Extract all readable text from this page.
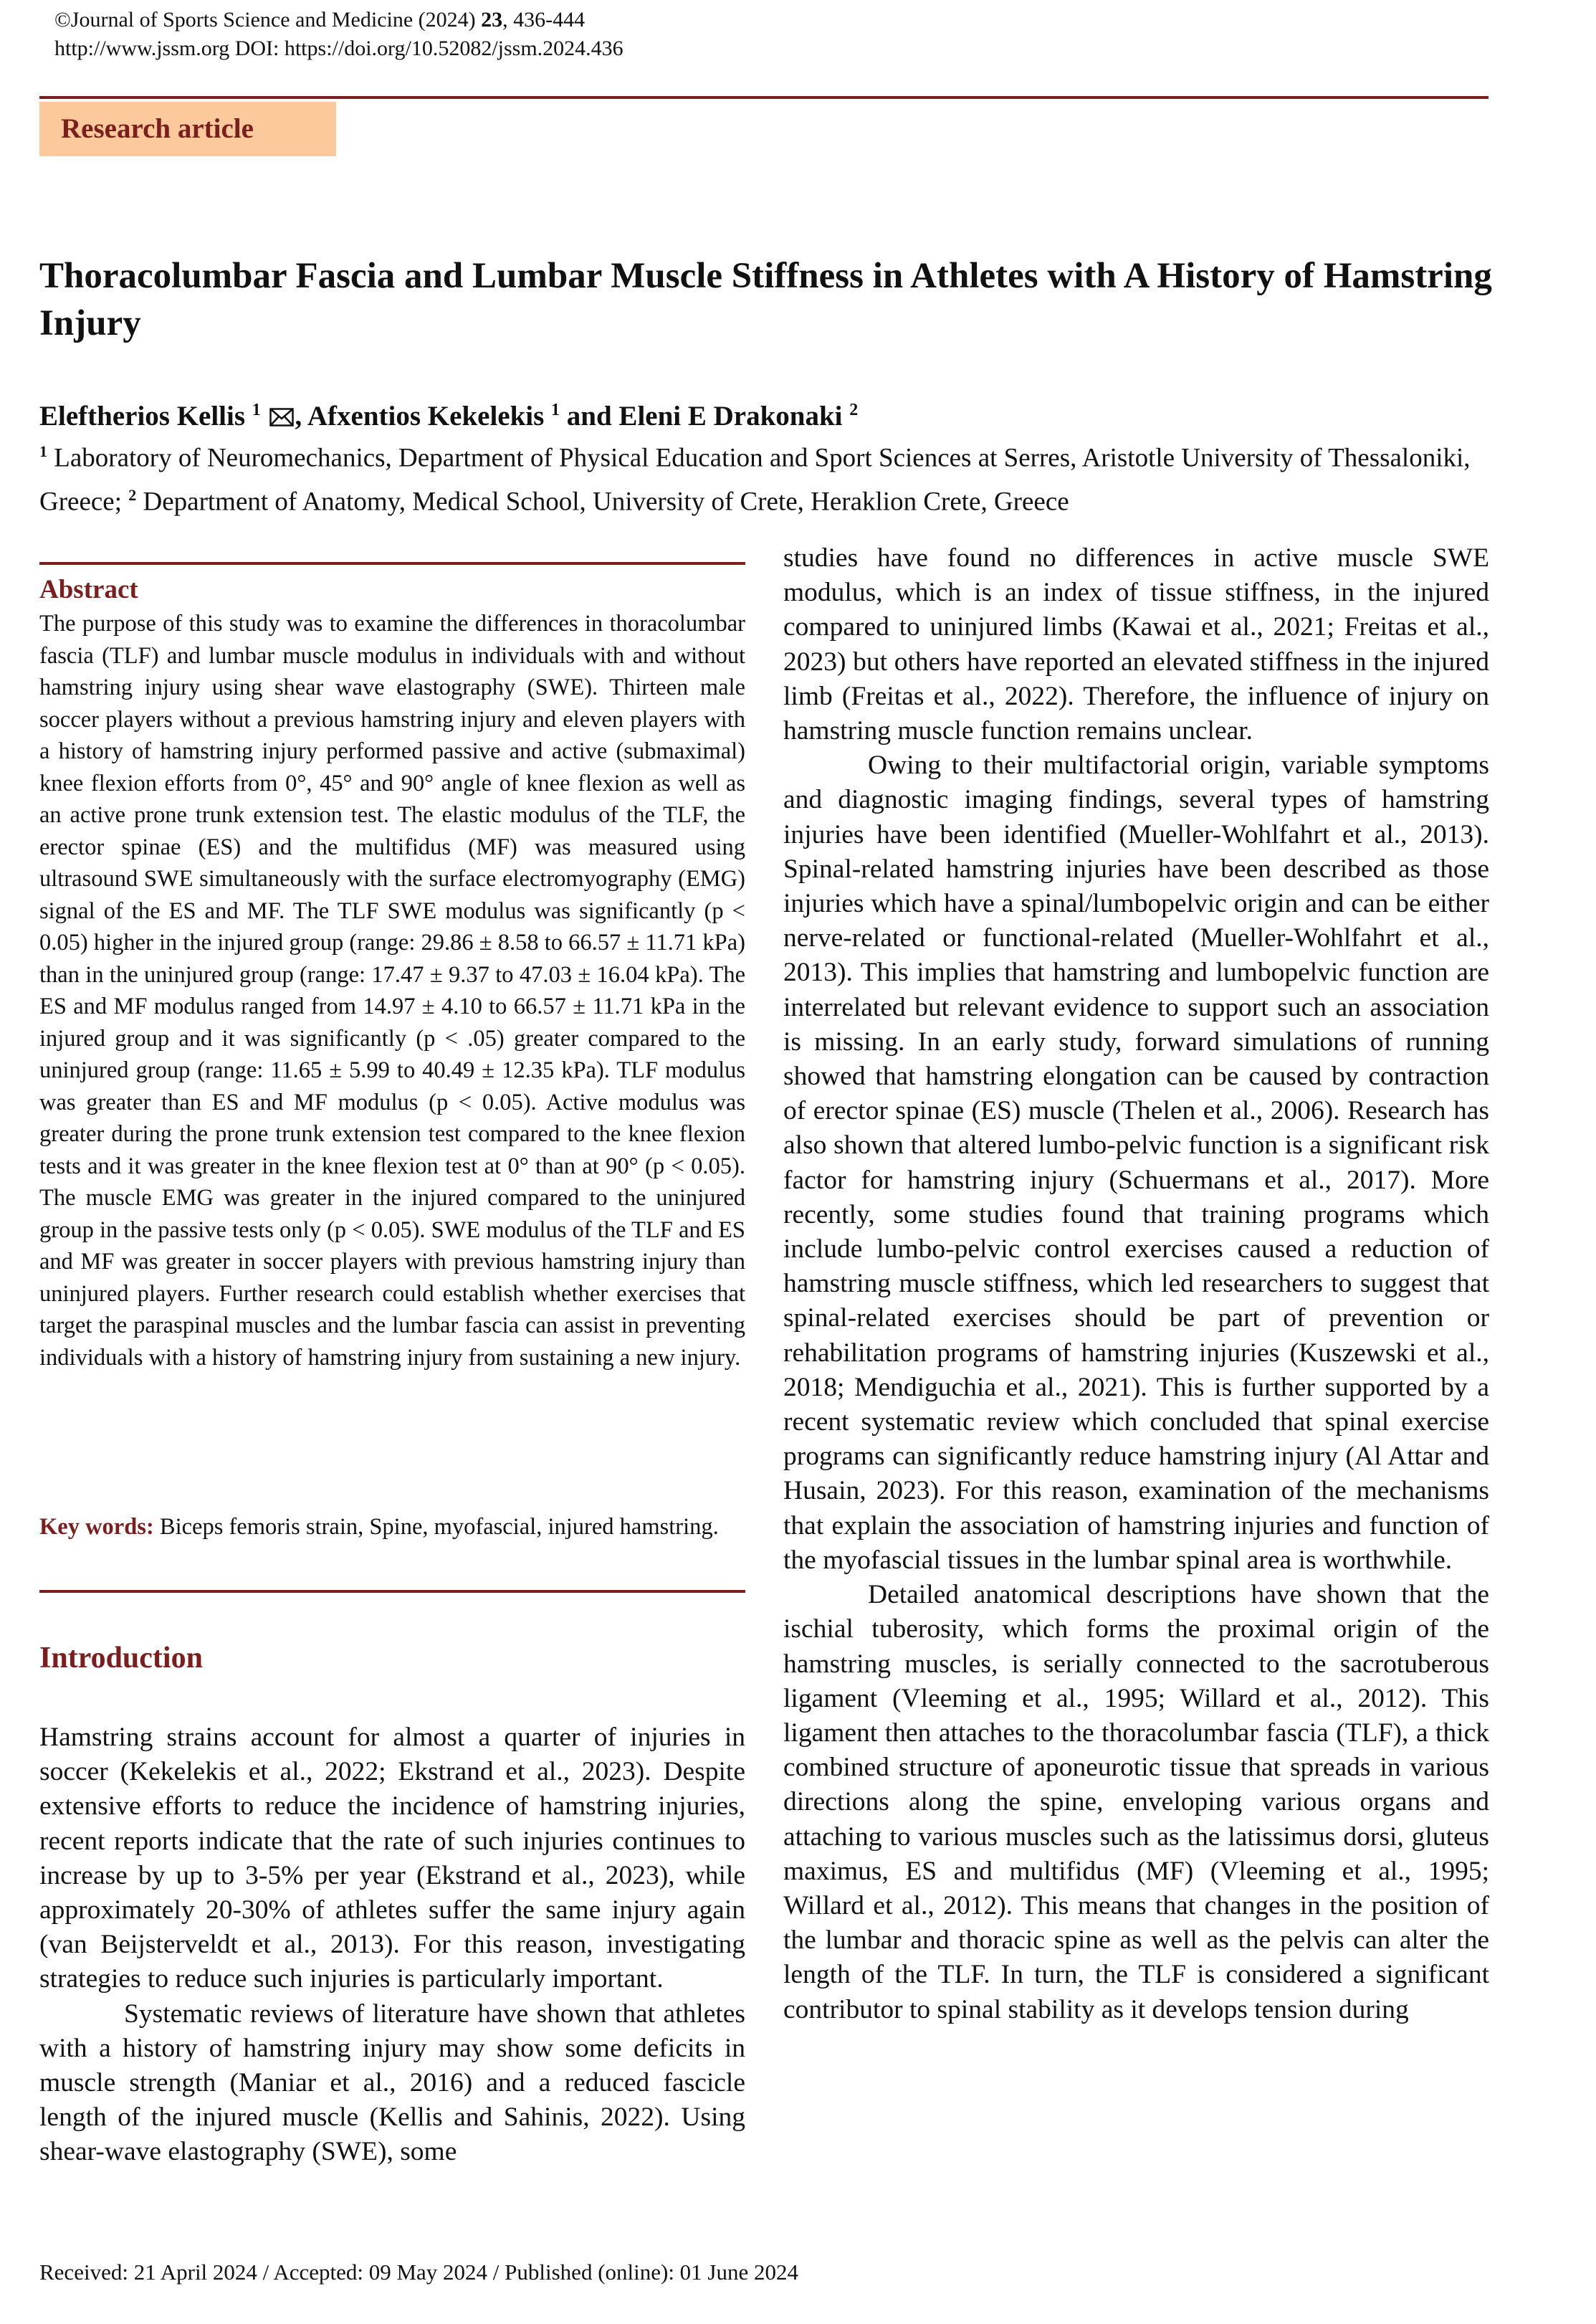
©Journal of Sports Science and Medicine (2024) 23, 436-444
http://www.jssm.org DOI: https://doi.org/10.52082/jssm.2024.436
Research article
Thoracolumbar Fascia and Lumbar Muscle Stiffness in Athletes with A History of Hamstring Injury
Eleftherios Kellis $^1$ , Afxentios Kekelekis $^1$ and Eleni E Drakonaki $^2$
$^1$ Laboratory of Neuromechanics, Department of Physical Education and Sport Sciences at Serres, Aristotle University of Thessaloniki, Greece; $^2$ Department of Anatomy, Medical School, University of Crete, Heraklion Crete, Greece
Abstract

The purpose of this study was to examine the differences in thoracolumbar fascia (TLF) and lumbar muscle modulus in individuals with and without hamstring injury using shear wave elastography (SWE). Thirteen male soccer players without a previous hamstring injury and eleven players with a history of hamstring injury performed passive and active (submaximal) knee flexion efforts from 0°, 45° and 90° angle of knee flexion as well as an active prone trunk extension test. The elastic modulus of the TLF, the erector spinae (ES) and the multifidus (MF) was measured using ultrasound SWE simultaneously with the surface electromyography (EMG) signal of the ES and MF. The TLF SWE modulus was significantly (p < 0.05) higher in the injured group (range: 29.86 ± 8.58 to 66.57 ± 11.71 kPa) than in the uninjured group (range: 17.47 ± 9.37 to 47.03 ± 16.04 kPa). The ES and MF modulus ranged from 14.97 ± 4.10 to 66.57 ± 11.71 kPa in the injured group and it was significantly (p < .05) greater compared to the uninjured group (range: 11.65 ± 5.99 to 40.49 ± 12.35 kPa). TLF modulus was greater than ES and MF modulus (p < 0.05). Active modulus was greater during the prone trunk extension test compared to the knee flexion tests and it was greater in the knee flexion test at 0° than at 90° (p < 0.05). The muscle EMG was greater in the injured compared to the uninjured group in the passive tests only (p < 0.05). SWE modulus of the TLF and ES and MF was greater in soccer players with previous hamstring injury than uninjured players. Further research could establish whether exercises that target the paraspinal muscles and the lumbar fascia can assist in preventing individuals with a history of hamstring injury from sustaining a new injury.

Key words: Biceps femoris strain, Spine, myofascial, injured hamstring.

Introduction

Hamstring strains account for almost a quarter of injuries in soccer (Kekelekis et al., 2022; Ekstrand et al., 2023). Despite extensive efforts to reduce the incidence of hamstring injuries, recent reports indicate that the rate of such injuries continues to increase by up to 3-5% per year (Ekstrand et al., 2023), while approximately 20-30% of athletes suffer the same injury again (van Beijsterveldt et al., 2013). For this reason, investigating strategies to reduce such injuries is particularly important.

Systematic reviews of literature have shown that athletes with a history of hamstring injury may show some deficits in muscle strength (Maniar et al., 2016) and a reduced fascicle length of the injured muscle (Kellis and Sahinis, 2022). Using shear-wave elastography (SWE), some

studies have found no differences in active muscle SWE modulus, which is an index of tissue stiffness, in the injured compared to uninjured limbs (Kawai et al., 2021; Freitas et al., 2023) but others have reported an elevated stiffness in the injured limb (Freitas et al., 2022). Therefore, the influence of injury on hamstring muscle function remains unclear.

Owing to their multifactorial origin, variable symptoms and diagnostic imaging findings, several types of hamstring injuries have been identified (Mueller-Wohlfahrt et al., 2013). Spinal-related hamstring injuries have been described as those injuries which have a spinal/lumbopelvic origin and can be either nerve-related or functional-related (Mueller-Wohlfahrt et al., 2013). This implies that hamstring and lumbopelvic function are interrelated but relevant evidence to support such an association is missing. In an early study, forward simulations of running showed that hamstring elongation can be caused by contraction of erector spinae (ES) muscle (Thelen et al., 2006). Research has also shown that altered lumbo-pelvic function is a significant risk factor for hamstring injury (Schuermans et al., 2017). More recently, some studies found that training programs which include lumbo-pelvic control exercises caused a reduction of hamstring muscle stiffness, which led researchers to suggest that spinal-related exercises should be part of prevention or rehabilitation programs of hamstring injuries (Kuszewski et al., 2018; Mendiguchia et al., 2021). This is further supported by a recent systematic review which concluded that spinal exercise programs can significantly reduce hamstring injury (Al Attar and Husain, 2023). For this reason, examination of the mechanisms that explain the association of hamstring injuries and function of the myofascial tissues in the lumbar spinal area is worthwhile.

Detailed anatomical descriptions have shown that the ischial tuberosity, which forms the proximal origin of the hamstring muscles, is serially connected to the sacrotuberous ligament (Vleeming et al., 1995; Willard et al., 2012). This ligament then attaches to the thoracolumbar fascia (TLF), a thick combined structure of aponeurotic tissue that spreads in various directions along the spine, enveloping various organs and attaching to various muscles such as the latissimus dorsi, gluteus maximus, ES and multifidus (MF) (Vleeming et al., 1995; Willard et al., 2012). This means that changes in the position of the lumbar and thoracic spine as well as the pelvis can alter the length of the TLF. In turn, the TLF is considered a significant contributor to spinal stability as it develops tension during

Received: 21 April 2024 / Accepted: 09 May 2024 / Published (online): 01 June 2024
